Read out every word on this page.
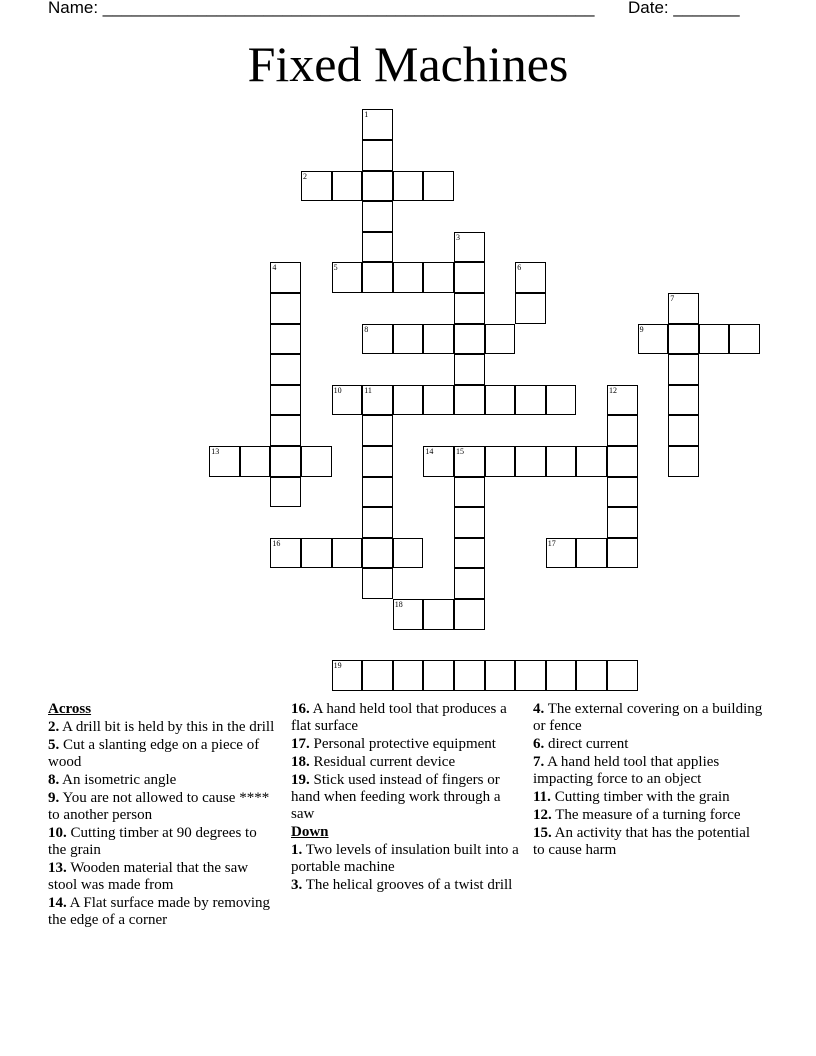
Name: ____________________________________________________ Date: _______
Fixed Machines
1
2
3
4	5	6
7
8	9
10	11	12
13	14	15
16	17
18
19
Across
2. A drill bit is held by this in the drill
5. Cut a slanting edge on a piece of wood
8. An isometric angle
9. You are not allowed to cause **** to another person
10. Cutting timber at 90 degrees to the grain
13. Wooden material that the saw stool was made from
14. A Flat surface made by removing the edge of a corner
16. A hand held tool that produces a flat surface
17. Personal protective equipment
18. Residual current device
19. Stick used instead of fingers or hand when feeding work through a saw
Down
1. Two levels of insulation built into a portable machine
3. The helical grooves of a twist drill
4. The external covering on a building or fence
6. direct current
7. A hand held tool that applies impacting force to an object
11. Cutting timber with the grain
12. The measure of a turning force
15. An activity that has the potential to cause harm
